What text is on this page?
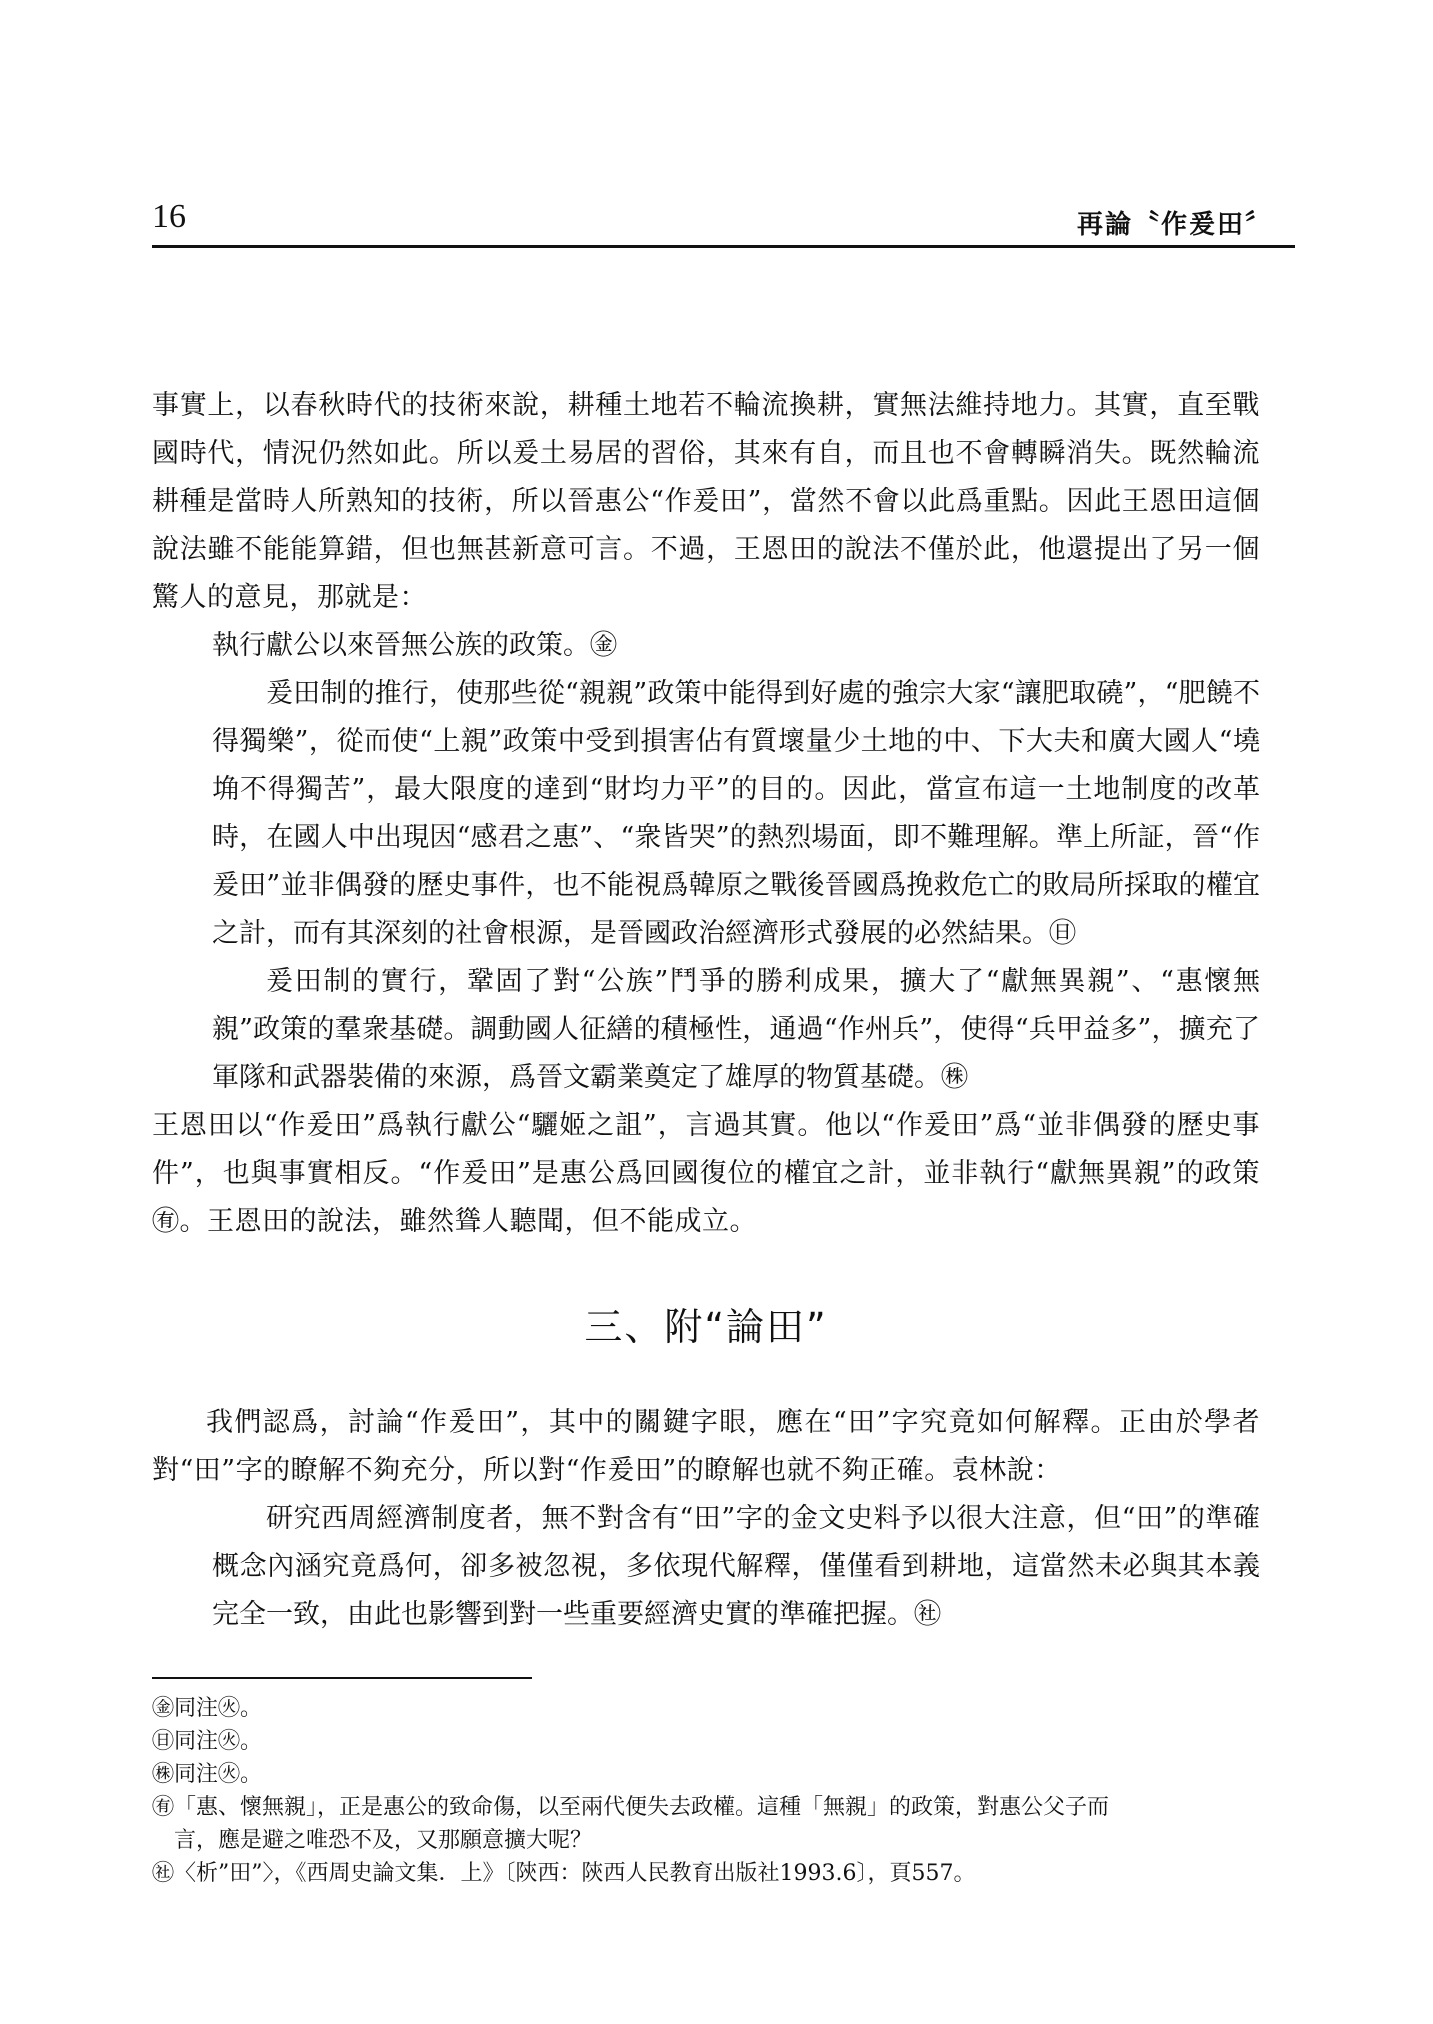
16	再論〝作爰田〞

事實上，以春秋時代的技術來說，耕種土地若不輪流換耕，實無法維持地力。其實，直至戰國時代，情況仍然如此。所以爰土易居的習俗，其來有自，而且也不會轉瞬消失。既然輪流耕種是當時人所熟知的技術，所以晉惠公“作爰田”，當然不會以此爲重點。因此王恩田這個說法雖不能能算錯，但也無甚新意可言。不過，王恩田的說法不僅於此，他還提出了另一個驚人的意見，那就是：

執行獻公以來晉無公族的政策。㊎

爰田制的推行，使那些從“親親”政策中能得到好處的強宗大家“讓肥取磽”，“肥饒不得獨樂”，從而使“上親”政策中受到損害佔有質壞量少土地的中、下大夫和廣大國人“墝埆不得獨苦”，最大限度的達到“財均力平”的目的。因此，當宣布這一土地制度的改革時，在國人中出現因“感君之惠”、“衆皆哭”的熱烈場面，即不難理解。準上所証，晉“作爰田”並非偶發的歷史事件，也不能視爲韓原之戰後晉國爲挽救危亡的敗局所採取的權宜之計，而有其深刻的社會根源，是晉國政治經濟形式發展的必然結果。㊐

爰田制的實行，鞏固了對“公族”鬥爭的勝利成果，擴大了“獻無異親”、“惠懷無親”政策的羣衆基礎。調動國人征繕的積極性，通過“作州兵”，使得“兵甲益多”，擴充了軍隊和武器裝備的來源，爲晉文霸業奠定了雄厚的物質基礎。㊑

王恩田以“作爰田”爲執行獻公“驪姬之詛”，言過其實。他以“作爰田”爲“並非偶發的歷史事件”，也與事實相反。“作爰田”是惠公爲回國復位的權宜之計，並非執行“獻無異親”的政策㊒。王恩田的說法，雖然聳人聽聞，但不能成立。

三、附“論田”

我們認爲，討論“作爰田”，其中的關鍵字眼，應在“田”字究竟如何解釋。正由於學者對“田”字的瞭解不夠充分，所以對“作爰田”的瞭解也就不夠正確。袁林說：

研究西周經濟制度者，無不對含有“田”字的金文史料予以很大注意，但“田”的準確概念內涵究竟爲何，卻多被忽視，多依現代解釋，僅僅看到耕地，這當然未必與其本義完全一致，由此也影響到對一些重要經濟史實的準確把握。㊓

㊎同注㊋。

㊐同注㊋。

㊑同注㊋。

㊒「惠、懷無親」，正是惠公的致命傷，以至兩代便失去政權。這種「無親」的政策，對惠公父子而

言，應是避之唯恐不及，又那願意擴大呢？

㊓〈析”田”〉，《西周史論文集．上》〔陝西：陝西人民教育出版社1993.6〕，頁557。
